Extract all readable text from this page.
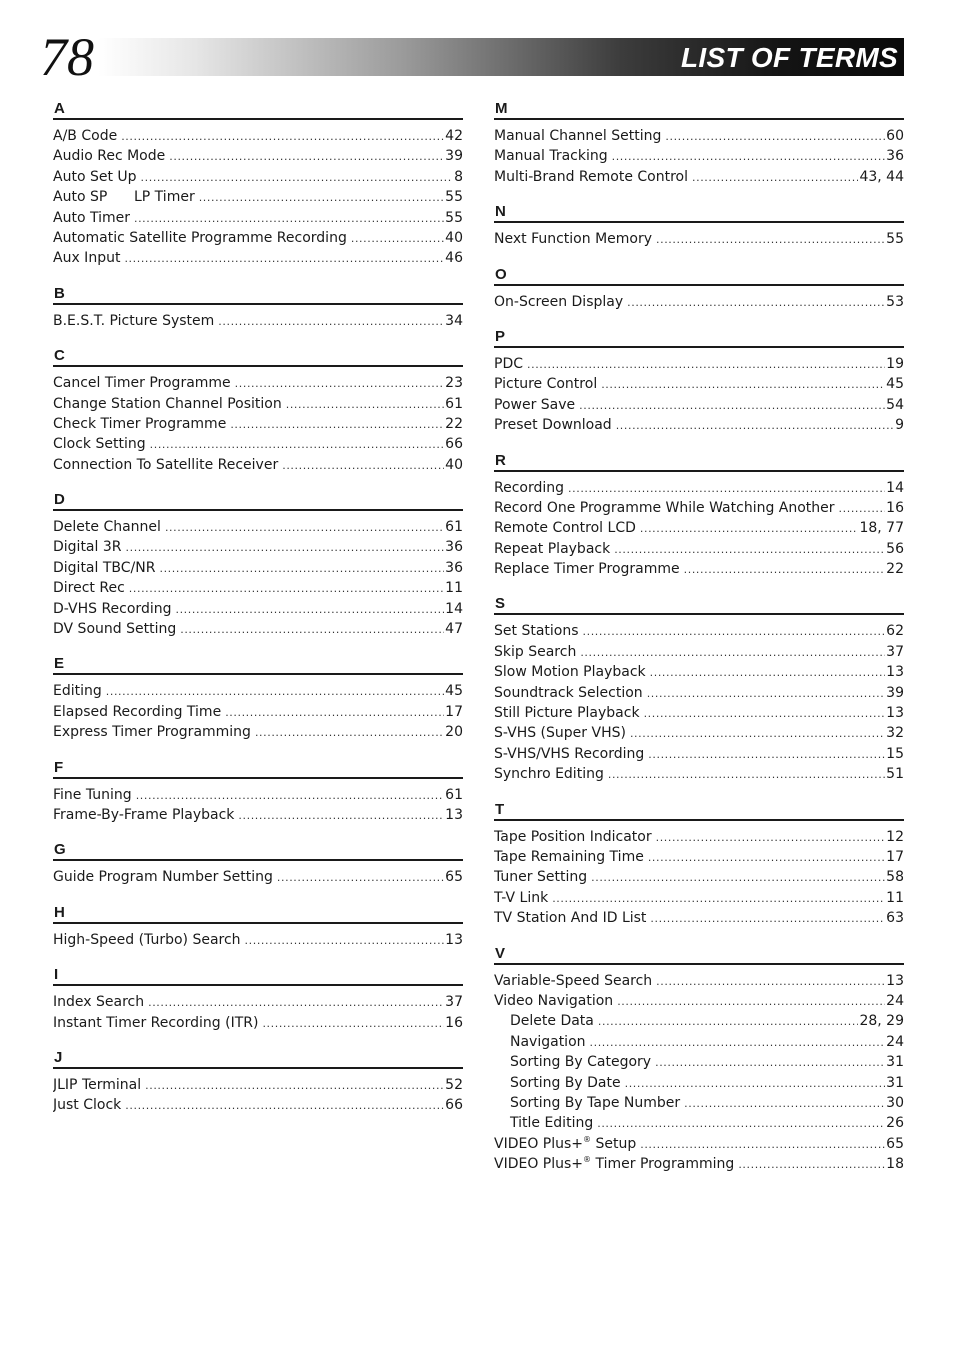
78	LIST OF TERMS
A
A/B Code .....	42
Audio Rec Mode .....	39
Auto Set Up .....	8
Auto SP      LP Timer .....	55
Auto Timer .....	55
Automatic Satellite Programme Recording .....	40
Aux Input .....	46
B
B.E.S.T. Picture System .....	34
C
Cancel Timer Programme .....	23
Change Station Channel Position .....	61
Check Timer Programme .....	22
Clock Setting .....	66
Connection To Satellite Receiver .....	40
D
Delete Channel .....	61
Digital 3R .....	36
Digital TBC/NR .....	36
Direct Rec .....	11
D-VHS Recording .....	14
DV Sound Setting .....	47
E
Editing .....	45
Elapsed Recording Time .....	17
Express Timer Programming .....	20
F
Fine Tuning .....	61
Frame-By-Frame Playback .....	13
G
Guide Program Number Setting .....	65
H
High-Speed (Turbo) Search .....	13
I
Index Search .....	37
Instant Timer Recording (ITR) .....	16
J
JLIP Terminal .....	52
Just Clock .....	66
M
Manual Channel Setting .....	60
Manual Tracking .....	36
Multi-Brand Remote Control .....	43, 44
N
Next Function Memory .....	55
O
On-Screen Display .....	53
P
PDC .....	19
Picture Control .....	45
Power Save .....	54
Preset Download .....	9
R
Recording .....	14
Record One Programme While Watching Another .....	16
Remote Control LCD .....	18, 77
Repeat Playback .....	56
Replace Timer Programme .....	22
S
Set Stations .....	62
Skip Search .....	37
Slow Motion Playback .....	13
Soundtrack Selection .....	39
Still Picture Playback .....	13
S-VHS (Super VHS) .....	32
S-VHS/VHS Recording .....	15
Synchro Editing .....	51
T
Tape Position Indicator .....	12
Tape Remaining Time .....	17
Tuner Setting .....	58
T-V Link .....	11
TV Station And ID List .....	63
V
Variable-Speed Search .....	13
Video Navigation .....	24
Delete Data .....	28, 29
Navigation .....	24
Sorting By Category .....	31
Sorting By Date .....	31
Sorting By Tape Number .....	30
Title Editing .....	26
VIDEO Plus+® Setup .....	65
VIDEO Plus+® Timer Programming .....	18
